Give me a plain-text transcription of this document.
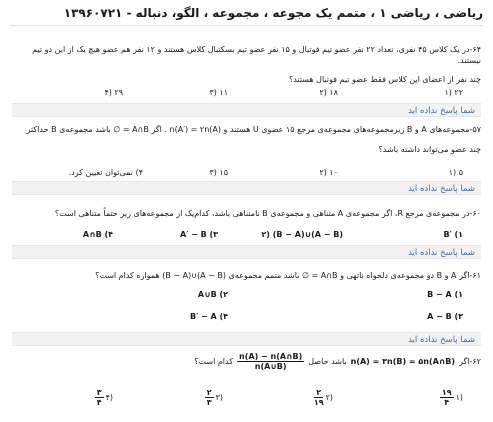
ریاضی ، ریاضی ۱ ، متمم یک مجوعه ، مجموعه ، الگو، دنباله - ۱۳۹۶۰۷۲۱
۶۴-در یک کلاس ۴۵ نفری، تعداد ۲۲ نفر عضو تیم فوتبال و ۱۵ نفر عضو تیم بسکتبال کلاس هستند و ۱۲ نفر هم عضو هیچ یک از این دو تیم نیستند.
چند نفر از اعضای این کلاس فقط عضو تیم فوتبال هستند؟
۲۲ (۱
۱۸ (۲
۱۱ (۳
۲۹ (۴
شما پاسخ نداده اید
۵۷-مجموعه‌های A و B زیرمجموعه‌های مجموعه‌ی مرجع ۱۵ عضوی U هستند و n(A′) = ۲n(A) . اگر A∩B = ∅ باشد مجموعه‌ی B حداکثر
چند عضو می‌تواند داشته باشد؟
۵ (۱
۱۰ (۲
۱۵ (۳
۴) نمی‌توان تعیین کرد.
شما پاسخ نداده اید
۶۰-در مجموعه‌ی مرجع R، اگر مجموعه‌ی A متناهی و مجموعه‌ی B نامتناهی باشد، کدام‌یک از مجموعه‌های زیر حتماً متناهی است؟
B′ (۱
(A − B)∪(B − A) (۲
A′ − B (۳
A∩B (۴
شما پاسخ نداده اید
۶۱-اگر A و B دو مجموعه‌ی دلخواه ناتهی و A∩B = ∅ باشد متمم مجموعه‌ی (A − B)∪(B − A) همواره کدام است؟
B − A (۱
A∪B (۲
A − B (۳
B′ − A (۴
شما پاسخ نداده اید
۶۲-اگر
n(A) = ۳n(B) = ۵n(A∩B)
باشد حاصل
$\frac{n(A) - n(A\cap B)}{n(A\cup B)}$
کدام است؟
(۱
$\frac{۱۹}{۴}$
(۲
$\frac{۲}{۱۹}$
(۳
$\frac{۲}{۳}$
(۴
$\frac{۳}{۴}$
